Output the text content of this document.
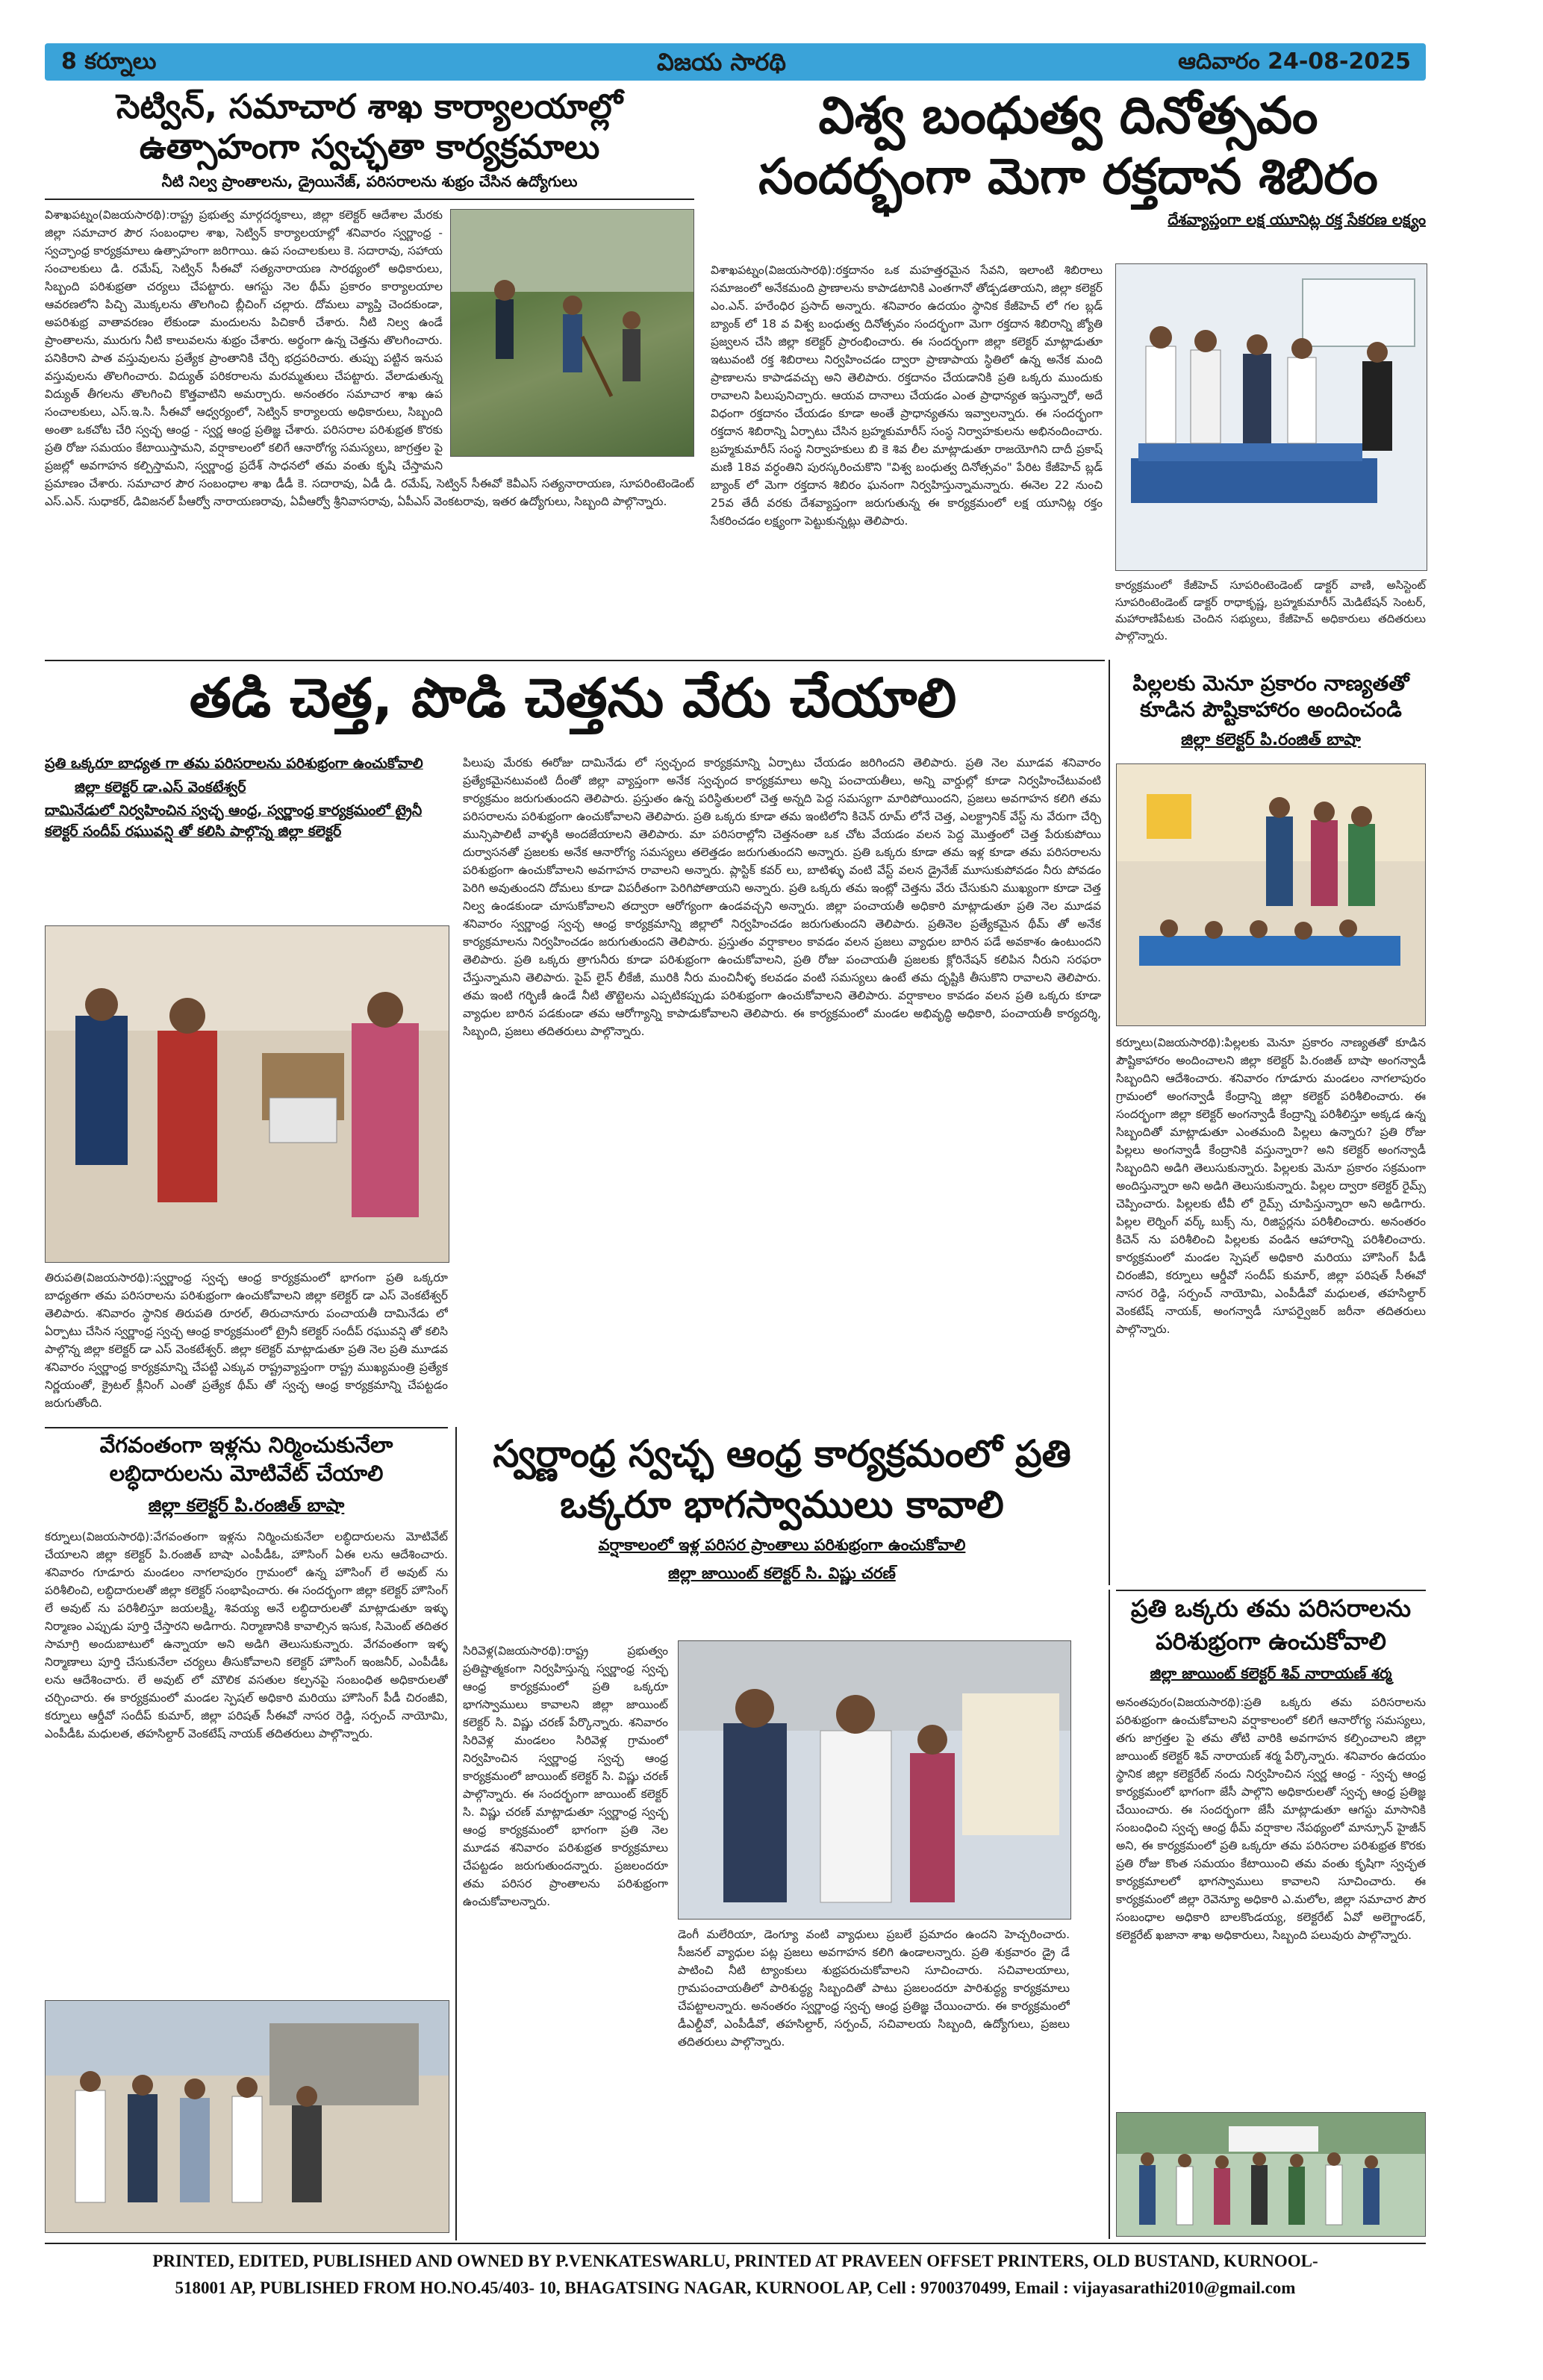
8 కర్నూలు	విజయ సారథి	ఆదివారం 24-08-2025
సెట్విన్, సమాచార శాఖ కార్యాలయాల్లో
ఉత్సాహంగా స్వచ్ఛతా కార్యక్రమాలు
నీటి నిల్వ ప్రాంతాలను, డ్రైయినేజ్, పరిసరాలను శుభ్రం చేసిన ఉద్యోగులు
విశాఖపట్నం(విజయసారథి):రాష్ట్ర ప్రభుత్వ మార్గదర్శకాలు, జిల్లా కలెక్టర్ ఆదేశాల మేరకు జిల్లా సమాచార పౌర సంబంధాల శాఖ, సెట్విన్ కార్యాలయాల్లో శనివారం స్వర్ణాంధ్ర - స్వచ్ఛాంధ్ర కార్యక్రమాలు ఉత్సాహంగా జరిగాయి. ఉప సంచాలకులు కె. సదారావు, సహాయ సంచాలకులు డి. రమేష్, సెట్విన్ సీఈవో సత్యనారాయణ సారథ్యంలో అధికారులు, సిబ్బంది పరిశుభ్రతా చర్యలు చేపట్టారు. ఆగస్టు నెల థీమ్ ప్రకారం కార్యాలయాల ఆవరణలోని పిచ్చి మొక్కలను తొలగించి బ్లీచింగ్ చల్లారు. దోమలు వ్యాప్తి చెందకుండా, అపరిశుభ్ర వాతావరణం లేకుండా మందులను పిచికారీ చేశారు. నీటి నిల్వ ఉండే ప్రాంతాలను, మురుగు నీటి కాలువలను శుభ్రం చేశారు. అర్థంగా ఉన్న చెత్తను తొలగించారు. పనికిరాని పాత వస్తువులను ప్రత్యేక ప్రాంతానికి చేర్చి భద్రపరిచారు. తుప్పు పట్టిన ఇనుప వస్తువులను తొలగించారు. విద్యుత్ పరికరాలను మరమ్మతులు చేపట్టారు. వేలాడుతున్న విద్యుత్ తీగలను తొలగించి కొత్తవాటిని అమర్చారు. అనంతరం సమాచార శాఖ ఉప సంచాలకులు, ఎస్.ఇ.సి. సీఈవో ఆధ్వర్యంలో, సెట్విన్ కార్యాలయ అధికారులు, సిబ్బంది అంతా ఒకచోట చేరి స్వచ్ఛ ఆంధ్ర - స్వర్ణ ఆంధ్ర ప్రతిజ్ఞ చేశారు. పరిసరాల పరిశుభ్రత కొరకు ప్రతి రోజు సమయం కేటాయిస్తామని, వర్షాకాలంలో కలిగే ఆనారోగ్య సమస్యలు, జాగ్రత్తల పై ప్రజల్లో అవగాహన కల్పిస్తామని, స్వర్ణాంధ్ర ప్రదేశ్ సాధనలో తమ వంతు కృషి చేస్తామని ప్రమాణం చేశారు. సమాచార పౌర సంబంధాల శాఖ డీడీ కె. సదారావు, ఏడీ డి. రమేష్, సెట్విన్ సీఈవో కెవీఎస్ సత్యనారాయణ, సూపరింటెండెంట్ ఎస్.ఎన్. సుధాకర్, డివిజనల్ పీఆర్వో నారాయణరావు, ఏవీఆర్వో శ్రీనివాసరావు, ఏపీఎస్ వెంకటరావు, ఇతర ఉద్యోగులు, సిబ్బంది పాల్గొన్నారు.
విశ్వ బంధుత్వ దినోత్సవం
సందర్భంగా మెగా రక్తదాన శిబిరం
దేశవ్యాప్తంగా లక్ష యూనిట్ల రక్త సేకరణ లక్ష్యం
విశాఖపట్నం(విజయసారథి):రక్తదానం ఒక మహత్తరమైన సేవని, ఇలాంటి శిబిరాలు సమాజంలో అనేకమంది ప్రాణాలను కాపాడటానికి ఎంతగానో తోడ్పడతాయని, జిల్లా కలెక్టర్ ఎం.ఎన్. హరేంధిర ప్రసాద్ అన్నారు. శనివారం ఉదయం స్థానిక కేజీహెచ్ లో గల బ్లడ్ బ్యాంక్ లో 18 వ విశ్వ బంధుత్వ దినోత్సవం సందర్భంగా మెగా రక్తదాన శిబిరాన్ని జ్యోతి ప్రజ్వలన చేసి జిల్లా కలెక్టర్ ప్రారంభించారు. ఈ సందర్భంగా జిల్లా కలెక్టర్ మాట్లాడుతూ ఇటువంటి రక్త శిబిరాలు నిర్వహించడం ద్వారా ప్రాణాపాయ స్థితిలో ఉన్న అనేక మంది ప్రాణాలను కాపాడవచ్చు అని తెలిపారు. రక్తదానం చేయడానికి ప్రతి ఒక్కరు ముందుకు రావాలని పిలుపునిచ్చారు. ఆయవ దానాలు చేయడం ఎంత ప్రాధాన్యత ఇస్తున్నారో, అదే విధంగా రక్తదానం చేయడం కూడా అంతే ప్రాధాన్యతను ఇవ్వాలన్నారు. ఈ సందర్భంగా రక్తదాన శిబిరాన్ని ఏర్పాటు చేసిన బ్రహ్మకుమారీస్ సంస్థ నిర్వాహకులను అభినందించారు. బ్రహ్మకుమారీస్ సంస్థ నిర్వాహకులు బి కె శివ లీల మాట్లాడుతూ రాజయోగిని దాదీ ప్రకాష్ మణి 18వ వర్ధంతిని పురస్కరించుకొని "విశ్వ బంధుత్వ దినోత్సవం" పేరిట కేజీహెచ్ బ్లడ్ బ్యాంక్ లో మెగా రక్తదాన శిబిరం ఘనంగా నిర్వహిస్తున్నామన్నారు. ఈనెల 22 నుంచి 25వ తేదీ వరకు దేశవ్యాప్తంగా జరుగుతున్న ఈ కార్యక్రమంలో లక్ష యూనిట్ల రక్తం సేకరించడం లక్ష్యంగా పెట్టుకున్నట్లు తెలిపారు.
కార్యక్రమంలో కేజీహెచ్ సూపరింటెండెంట్ డాక్టర్ వాణి, అసిస్టెంట్ సూపరింటెండెంట్ డాక్టర్ రాధాకృష్ణ, బ్రహ్మకుమారీస్ మెడిటేషన్ సెంటర్, మహారాణిపేటకు చెందిన సభ్యులు, కేజీహెచ్ అధికారులు తదితరులు పాల్గొన్నారు.
తడి చెత్త, పొడి చెత్తను వేరు చేయాలి
ప్రతి ఒక్కరూ బాధ్యత గా తమ పరిసరాలను పరిశుభ్రంగా ఉంచుకోవాలి
జిల్లా కలెక్టర్ డా.ఎస్ వెంకటేశ్వర్
దామినేడులో నిర్వహించిన స్వచ్ఛ ఆంధ్ర, స్వర్ణాంధ్ర కార్యక్రమంలో ట్రైనీ కలెక్టర్ సందీప్ రఘువన్షి తో కలిసి పాల్గొన్న జిల్లా కలెక్టర్
తిరుపతి(విజయసారథి):స్వర్ణాంధ్ర స్వచ్ఛ ఆంధ్ర కార్యక్రమంలో భాగంగా ప్రతి ఒక్కరూ బాధ్యతగా తమ పరిసరాలను పరిశుభ్రంగా ఉంచుకోవాలని జిల్లా కలెక్టర్ డా ఎస్ వెంకటేశ్వర్ తెలిపారు. శనివారం స్థానిక తిరుపతి రూరల్, తిరుచానూరు పంచాయతీ దామినేడు లో ఏర్పాటు చేసిన స్వర్ణాంధ్ర స్వచ్ఛ ఆంధ్ర కార్యక్రమంలో ట్రైనీ కలెక్టర్ సందీప్ రఘువన్షి తో కలిసి పాల్గొన్న జిల్లా కలెక్టర్ డా ఎస్ వెంకటేశ్వర్. జిల్లా కలెక్టర్ మాట్లాడుతూ ప్రతి నెల ప్రతి మూడవ శనివారం స్వర్ణాంధ్ర కార్యక్రమాన్ని చేపట్టి ఎక్కువ రాష్ట్రవ్యాప్తంగా రాష్ట్ర ముఖ్యమంత్రి ప్రత్యేక నిర్ణయంతో, క్రైటల్ క్లీనింగ్ ఎంతో ప్రత్యేక థీమ్ తో స్వచ్ఛ ఆంధ్ర కార్యక్రమాన్ని చేపట్టడం జరుగుతోంది.
పిలుపు మేరకు ఈరోజు దామినేడు లో స్వచ్ఛంద కార్యక్రమాన్ని ఏర్పాటు చేయడం జరిగిందని తెలిపారు. ప్రతి నెల మూడవ శనివారం ప్రత్యేకమైనటువంటి దీంతో జిల్లా వ్యాప్తంగా అనేక స్వచ్ఛంద కార్యక్రమాలు అన్ని పంచాయతీలు, అన్ని వార్డుల్లో కూడా నిర్వహించేటువంటి కార్యక్రమం జరుగుతుందని తెలిపారు. ప్రస్తుతం ఉన్న పరిస్థితులలో చెత్త అన్నది పెద్ద సమస్యగా మారిపోయిందని, ప్రజలు అవగాహన కలిగి తమ పరిసరాలను పరిశుభ్రంగా ఉంచుకోవాలని తెలిపారు. ప్రతి ఒక్కరు కూడా తమ ఇంటిలోని కిచెన్ రూమ్ లోనే చెత్త, ఎలక్ట్రానిక్ వేస్ట్ ను వేరుగా చేర్చి మున్సిపాలిటీ వాళ్ళకి అందజేయాలని తెలిపారు. మా పరిసరాల్లోని చెత్తనంతా ఒక చోట వేయడం వలన పెద్ద మొత్తంలో చెత్త పేరుకుపోయి దుర్వాసనతో ప్రజలకు అనేక ఆనారోగ్య సమస్యలు తలెత్తడం జరుగుతుందని అన్నారు. ప్రతి ఒక్కరు కూడా తమ ఇళ్ల కూడా తమ పరిసరాలను పరిశుభ్రంగా ఉంచుకోవాలని అవగాహన రావాలని అన్నారు. ప్లాస్టిక్ కవర్ లు, బాటిళ్ళు వంటి వేస్ట్ వలన డ్రైనేజ్ మూసుకుపోవడం నీరు పోవడం పెరిగి అవుతుందని దోమలు కూడా విపరీతంగా పెరిగిపోతాయని అన్నారు. ప్రతి ఒక్కరు తమ ఇంట్లో చెత్తను వేరు చేసుకుని ముఖ్యంగా కూడా చెత్త నిల్వ ఉండకుండా చూసుకోవాలని తద్వారా ఆరోగ్యంగా ఉండవచ్చని అన్నారు. జిల్లా పంచాయతీ అధికారి మాట్లాడుతూ ప్రతి నెల మూడవ శనివారం స్వర్ణాంధ్ర స్వచ్ఛ ఆంధ్ర కార్యక్రమాన్ని జిల్లాలో నిర్వహించడం జరుగుతుందని తెలిపారు. ప్రతినెల ప్రత్యేకమైన థీమ్ తో అనేక కార్యక్రమాలను నిర్వహించడం జరుగుతుందని తెలిపారు. ప్రస్తుతం వర్షాకాలం కావడం వలన ప్రజలు వ్యాధుల బారిన పడే అవకాశం ఉంటుందని తెలిపారు. ప్రతి ఒక్కరు త్రాగునీరు కూడా పరిశుభ్రంగా ఉంచుకోవాలని, ప్రతి రోజు పంచాయతీ ప్రజలకు క్లోరినేషన్ కలిపిన నీరుని సరఫరా చేస్తున్నామని తెలిపారు. పైప్ లైన్ లీకేజీ, మురికి నీరు మంచినీళ్ళ కలవడం వంటి సమస్యలు ఉంటే తమ దృష్టికి తీసుకొని రావాలని తెలిపారు. తమ ఇంటి గర్భిణీ ఉండే నీటి తొట్టెలను ఎప్పటికప్పుడు పరిశుభ్రంగా ఉంచుకోవాలని తెలిపారు. వర్షాకాలం కావడం వలన ప్రతి ఒక్కరు కూడా వ్యాధుల బారిన పడకుండా తమ ఆరోగ్యాన్ని కాపాడుకోవాలని తెలిపారు. ఈ కార్యక్రమంలో మండల అభివృద్ధి అధికారి, పంచాయతీ కార్యదర్శి, సిబ్బంది, ప్రజలు తదితరులు పాల్గొన్నారు.
పిల్లలకు మెనూ ప్రకారం నాణ్యతతో
కూడిన పౌష్టికాహారం అందించండి
జిల్లా కలెక్టర్ పి.రంజిత్ బాషా
కర్నూలు(విజయసారథి):పిల్లలకు మెనూ ప్రకారం నాణ్యతతో కూడిన పౌష్టికాహారం అందించాలని జిల్లా కలెక్టర్ పి.రంజిత్ బాషా అంగన్వాడీ సిబ్బందిని ఆదేశించారు. శనివారం గూడూరు మండలం నాగలాపురం గ్రామంలో అంగన్వాడీ కేంద్రాన్ని జిల్లా కలెక్టర్ పరిశీలించారు. ఈ సందర్భంగా జిల్లా కలెక్టర్ అంగన్వాడీ కేంద్రాన్ని పరిశీలిస్తూ అక్కడ ఉన్న సిబ్బందితో మాట్లాడుతూ ఎంతమంది పిల్లలు ఉన్నారు? ప్రతి రోజు పిల్లలు అంగన్వాడీ కేంద్రానికి వస్తున్నారా? అని కలెక్టర్ అంగన్వాడీ సిబ్బందిని అడిగి తెలుసుకున్నారు. పిల్లలకు మెనూ ప్రకారం సక్రమంగా అందిస్తున్నారా అని అడిగి తెలుసుకున్నారు. పిల్లల ద్వారా కలెక్టర్ రైమ్స్ చెప్పించారు. పిల్లలకు టీవీ లో రైమ్స్ చూపిస్తున్నారా అని అడిగారు. పిల్లల లెర్నింగ్ వర్క్ బుక్స్ ను, రిజిస్టర్లను పరిశీలించారు. అనంతరం కిచెన్ ను పరిశీలించి పిల్లలకు వండిన ఆహారాన్ని పరిశీలించారు. కార్యక్రమంలో మండల స్పెషల్ అధికారి మరియు హౌసింగ్ పీడీ చిరంజీవి, కర్నూలు ఆర్డీవో సందీప్ కుమార్, జిల్లా పరిషత్ సీఈవో నాసర రెడ్డి, సర్పంచ్ నాయోమి, ఎంపీడీవో మధులత, తహసిల్దార్ వెంకటేష్ నాయక్, అంగన్వాడీ సూపర్వైజర్ జరీనా తదితరులు పాల్గొన్నారు.
వేగవంతంగా ఇళ్లను నిర్మించుకునేలా
లబ్ధిదారులను మోటివేట్ చేయాలి
జిల్లా కలెక్టర్ పి.రంజిత్ బాషా
కర్నూలు(విజయసారథి):వేగవంతంగా ఇళ్లను నిర్మించుకునేలా లబ్ధిదారులను మోటివేట్ చేయాలని జిల్లా కలెక్టర్ పి.రంజిత్ బాషా ఎంపీడీఓ, హౌసింగ్ ఏఈ లను ఆదేశించారు. శనివారం గూడూరు మండలం నాగలాపురం గ్రామంలో ఉన్న హౌసింగ్ లే అవుట్ ను పరిశీలించి, లబ్ధిదారులతో జిల్లా కలెక్టర్ సంభాషించారు. ఈ సందర్భంగా జిల్లా కలెక్టర్ హౌసింగ్ లే అవుట్ ను పరిశీలిస్తూ జయలక్ష్మి, శివయ్య అనే లబ్ధిదారులతో మాట్లాడుతూ ఇళ్ళు నిర్మాణం ఎప్పుడు పూర్తి చేస్తారని అడిగారు. నిర్మాణానికి కావాల్సిన ఇసుక, సిమెంట్ తదితర సామాగ్రి అందుబాటులో ఉన్నాయా అని అడిగి తెలుసుకున్నారు. వేగవంతంగా ఇళ్ళ నిర్మాణాలు పూర్తి చేసుకునేలా చర్యలు తీసుకోవాలని కలెక్టర్ హౌసింగ్ ఇంజనీర్, ఎంపీడీఓ లను ఆదేశించారు. లే అవుట్ లో మౌలిక వసతుల కల్పనపై సంబంధిత అధికారులతో చర్చించారు. ఈ కార్యక్రమంలో మండల స్పెషల్ అధికారి మరియు హౌసింగ్ పీడీ చిరంజీవి, కర్నూలు ఆర్డీవో సందీప్ కుమార్, జిల్లా పరిషత్ సీఈవో నాసర రెడ్డి, సర్పంచ్ నాయోమి, ఎంపీడీఓ మధులత, తహసిల్దార్ వెంకటేష్ నాయక్ తదితరులు పాల్గొన్నారు.
స్వర్ణాంధ్ర స్వచ్ఛ ఆంధ్ర కార్యక్రమంలో ప్రతి
ఒక్కరూ భాగస్వాములు కావాలి
వర్షాకాలంలో ఇళ్ల పరిసర ప్రాంతాలు పరిశుభ్రంగా ఉంచుకోవాలి
జిల్లా జాయింట్ కలెక్టర్ సి. విష్ణు చరణ్
సిరివెళ్ల(విజయసారథి):రాష్ట్ర ప్రభుత్వం ప్రతిష్టాత్మకంగా నిర్వహిస్తున్న స్వర్ణాంధ్ర స్వచ్ఛ ఆంధ్ర కార్యక్రమంలో ప్రతి ఒక్కరూ భాగస్వాములు కావాలని జిల్లా జాయింట్ కలెక్టర్ సి. విష్ణు చరణ్ పేర్కొన్నారు. శనివారం సిరివెళ్ల మండలం సిరివెళ్ల గ్రామంలో నిర్వహించిన స్వర్ణాంధ్ర స్వచ్ఛ ఆంధ్ర కార్యక్రమంలో జాయింట్ కలెక్టర్ సి. విష్ణు చరణ్ పాల్గొన్నారు. ఈ సందర్భంగా జాయింట్ కలెక్టర్ సి. విష్ణు చరణ్ మాట్లాడుతూ స్వర్ణాంధ్ర స్వచ్ఛ ఆంధ్ర కార్యక్రమంలో భాగంగా ప్రతి నెల మూడవ శనివారం పరిశుభ్రత కార్యక్రమాలు చేపట్టడం జరుగుతుందన్నారు. ప్రజలందరూ తమ పరిసర ప్రాంతాలను పరిశుభ్రంగా ఉంచుకోవాలన్నారు.
డెంగీ మలేరియా, డెంగ్యూ వంటి వ్యాధులు ప్రబలే ప్రమాదం ఉందని హెచ్చరించారు. సీజనల్ వ్యాధుల పట్ల ప్రజలు అవగాహన కలిగి ఉండాలన్నారు. ప్రతి శుక్రవారం డ్రై డే పాటించి నీటి ట్యాంకులు శుభ్రపరుచుకోవాలని సూచించారు. సచివాలయాలు, గ్రామపంచాయతీలో పారిశుద్ధ్య సిబ్బందితో పాటు ప్రజలందరూ పారిశుద్ధ్య కార్యక్రమాలు చేపట్టాలన్నారు. అనంతరం స్వర్ణాంధ్ర స్వచ్ఛ ఆంధ్ర ప్రతిజ్ఞ చేయించారు. ఈ కార్యక్రమంలో డీఎల్డీవో, ఎంపీడీవో, తహసిల్దార్, సర్పంచ్, సచివాలయ సిబ్బంది, ఉద్యోగులు, ప్రజలు తదితరులు పాల్గొన్నారు.
ప్రతి ఒక్కరు తమ పరిసరాలను
పరిశుభ్రంగా ఉంచుకోవాలి
జిల్లా జాయింట్ కలెక్టర్ శివ్ నారాయణ్ శర్మ
అనంతపురం(విజయసారథి):ప్రతి ఒక్కరు తమ పరిసరాలను పరిశుభ్రంగా ఉంచుకోవాలని వర్షాకాలంలో కలిగే ఆనారోగ్య సమస్యలు, తగు జాగ్రత్తల పై తమ తోటి వారికి అవగాహన కల్పించాలని జిల్లా జాయింట్ కలెక్టర్ శివ్ నారాయణ్ శర్మ పేర్కొన్నారు. శనివారం ఉదయం స్థానిక జిల్లా కలెక్టరేట్ నందు నిర్వహించిన స్వర్ణ ఆంధ్ర - స్వచ్ఛ ఆంధ్ర కార్యక్రమంలో భాగంగా జేసీ పాల్గొని అధికారులతో స్వచ్ఛ ఆంధ్ర ప్రతిజ్ఞ చేయించారు. ఈ సందర్భంగా జేసీ మాట్లాడుతూ ఆగస్టు మాసానికి సంబంధించి స్వచ్ఛ ఆంధ్ర థీమ్ వర్షాకాల నేపథ్యంలో మాన్సూన్ హైజీన్ అని, ఈ కార్యక్రమంలో ప్రతి ఒక్కరూ తమ పరిసరాల పరిశుభ్రత కొరకు ప్రతి రోజు కొంత సమయం కేటాయించి తమ వంతు కృషిగా స్వచ్ఛత కార్యక్రమాలలో భాగస్వాములు కావాలని సూచించారు. ఈ కార్యక్రమంలో జిల్లా రెవెన్యూ అధికారి ఎ.మలోల, జిల్లా సమాచార పౌర సంబంధాల అధికారి బాలకొండయ్య, కలెక్టరేట్ ఏవో అలెగ్జాండర్, కలెక్టరేట్ ఖజానా శాఖ అధికారులు, సిబ్బంది పలువురు పాల్గొన్నారు.
PRINTED, EDITED, PUBLISHED AND OWNED BY P.VENKATESWARLU, PRINTED AT PRAVEEN OFFSET PRINTERS, OLD BUSTAND, KURNOOL-
518001 AP, PUBLISHED FROM HO.NO.45/403- 10, BHAGATSING NAGAR, KURNOOL AP, Cell : 9700370499, Email : vijayasarathi2010@gmail.com
